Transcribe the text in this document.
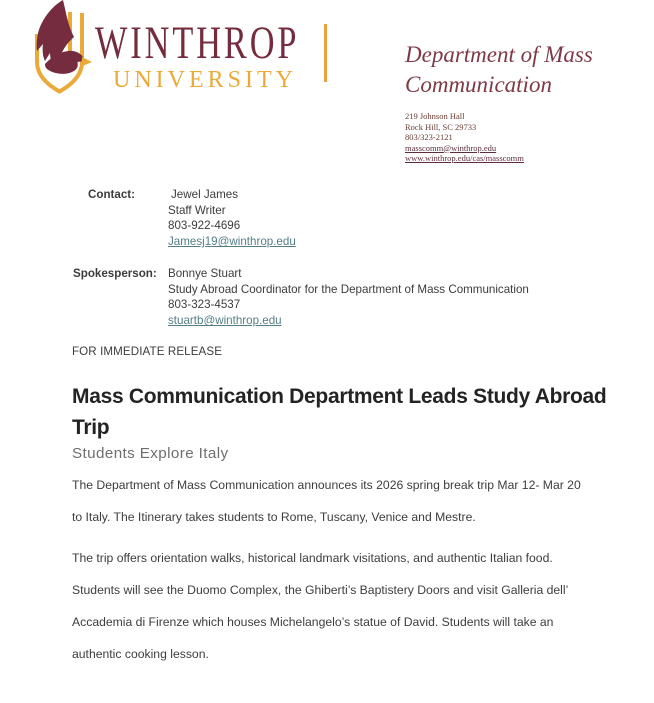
WINTHROP
UNIVERSITY
Department of Mass
Communication
219 Johnson Hall
Rock Hill, SC 29733
803/323-2121
masscomm@winthrop.edu
www.winthrop.edu/cas/masscomm
Contact:	Jewel James
Staff Writer
803-922-4696
Jamesj19@winthrop.edu
Spokesperson: Bonnye Stuart
Study Abroad Coordinator for the Department of Mass Communication
803-323-4537
stuartb@winthrop.edu
FOR IMMEDIATE RELEASE
Mass Communication Department Leads Study Abroad
Trip
Students Explore Italy

The Department of Mass Communication announces its 2026 spring break trip Mar 12- Mar 20 to Italy. The Itinerary takes students to Rome, Tuscany, Venice and Mestre.

The trip offers orientation walks, historical landmark visitations, and authentic Italian food. Students will see the Duomo Complex, the Ghiberti’s Baptistery Doors and visit Galleria dell’ Accademia di Firenze which houses Michelangelo’s statue of David. Students will take an authentic cooking lesson.
